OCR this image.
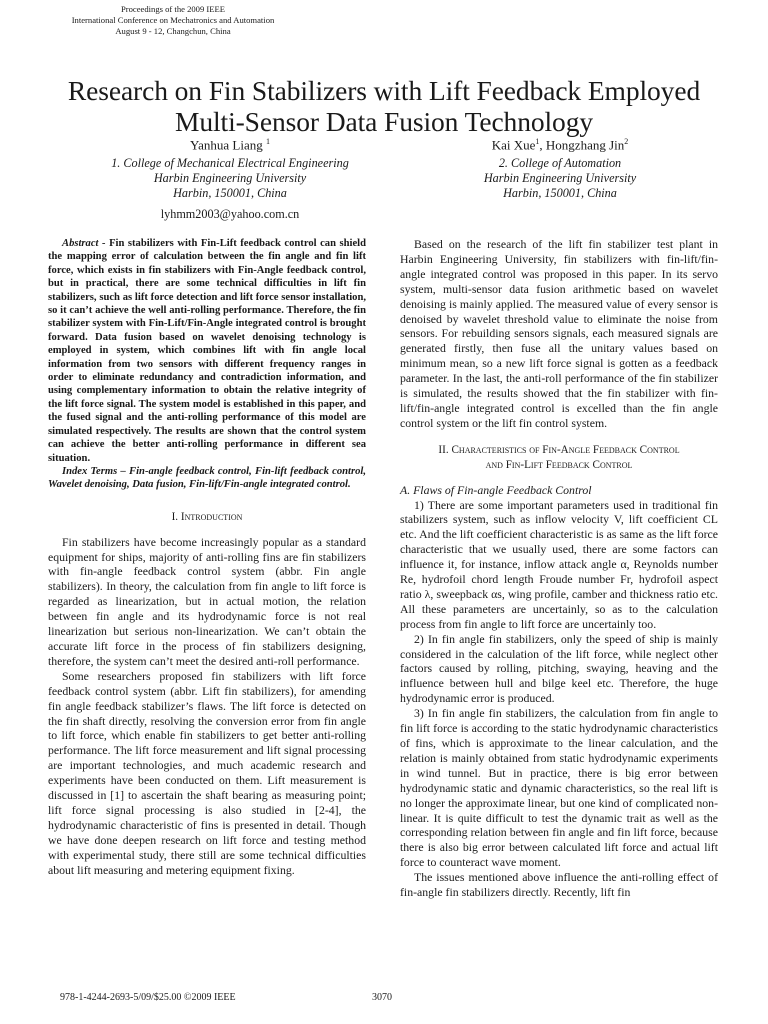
Proceedings of the 2009 IEEE
International Conference on Mechatronics and Automation
August 9 - 12, Changchun, China
Research on Fin Stabilizers with Lift Feedback Employed
Multi-Sensor Data Fusion Technology
Yanhua Liang $^1$
1. College of Mechanical Electrical Engineering
Harbin Engineering University
Harbin, 150001, China
lyhmm2003@yahoo.com.cn
Kai Xue$^1$, Hongzhang Jin$^2$
2. College of Automation
Harbin Engineering University
Harbin, 150001, China

Abstract - Fin stabilizers with Fin-Lift feedback control can shield the mapping error of calculation between the fin angle and fin lift force, which exists in fin stabilizers with Fin-Angle feedback control, but in practical, there are some technical difficulties in lift fin stabilizers, such as lift force detection and lift force sensor installation, so it can’t achieve the well anti-rolling performance. Therefore, the fin stabilizer system with Fin-Lift/Fin-Angle integrated control is brought forward. Data fusion based on wavelet denoising technology is employed in system, which combines lift with fin angle local information from two sensors with different frequency ranges in order to eliminate redundancy and contradiction information, and using complementary information to obtain the relative integrity of the lift force signal. The system model is established in this paper, and the fused signal and the anti-rolling performance of this model are simulated respectively. The results are shown that the control system can achieve the better anti-rolling performance in different sea situation.

Index Terms – Fin-angle feedback control, Fin-lift feedback control, Wavelet denoising, Data fusion, Fin-lift/Fin-angle integrated control.

I. Introduction

Fin stabilizers have become increasingly popular as a standard equipment for ships, majority of anti-rolling fins are fin stabilizers with fin-angle feedback control system (abbr. Fin angle stabilizers). In theory, the calculation from fin angle to lift force is regarded as linearization, but in actual motion, the relation between fin angle and its hydrodynamic force is not real linearization but serious non-linearization. We can’t obtain the accurate lift force in the process of fin stabilizers designing, therefore, the system can’t meet the desired anti-roll performance.

Some researchers proposed fin stabilizers with lift force feedback control system (abbr. Lift fin stabilizers), for amending fin angle feedback stabilizer’s flaws. The lift force is detected on the fin shaft directly, resolving the conversion error from fin angle to lift force, which enable fin stabilizers to get better anti-rolling performance. The lift force measurement and lift signal processing are important technologies, and much academic research and experiments have been conducted on them. Lift measurement is discussed in [1] to ascertain the shaft bearing as measuring point; lift force signal processing is also studied in [2-4], the hydrodynamic characteristic of fins is presented in detail. Though we have done deepen research on lift force and testing method with experimental study, there still are some technical difficulties about lift measuring and metering equipment fixing.

Based on the research of the lift fin stabilizer test plant in Harbin Engineering University, fin stabilizers with fin-lift/fin-angle integrated control was proposed in this paper. In its servo system, multi-sensor data fusion arithmetic based on wavelet denoising is mainly applied. The measured value of every sensor is denoised by wavelet threshold value to eliminate the noise from sensors. For rebuilding sensors signals, each measured signals are generated firstly, then fuse all the unitary values based on minimum mean, so a new lift force signal is gotten as a feedback parameter. In the last, the anti-roll performance of the fin stabilizer is simulated, the results showed that the fin stabilizer with fin-lift/fin-angle integrated control is excelled than the fin angle control system or the lift fin control system.

II. Characteristics of Fin-Angle Feedback Control
and Fin-Lift Feedback Control

A. Flaws of Fin-angle Feedback Control

1) There are some important parameters used in traditional fin stabilizers system, such as inflow velocity V, lift coefficient CL etc. And the lift coefficient characteristic is as same as the lift force characteristic that we usually used, there are some factors can influence it, for instance, inflow attack angle α, Reynolds number Re, hydrofoil chord length Froude number Fr, hydrofoil aspect ratio λ, sweepback αs, wing profile, camber and thickness ratio etc. All these parameters are uncertainly, so as to the calculation process from fin angle to lift force are uncertainly too.

2) In fin angle fin stabilizers, only the speed of ship is mainly considered in the calculation of the lift force, while neglect other factors caused by rolling, pitching, swaying, heaving and the influence between hull and bilge keel etc. Therefore, the huge hydrodynamic error is produced.

3) In fin angle fin stabilizers, the calculation from fin angle to fin lift force is according to the static hydrodynamic characteristics of fins, which is approximate to the linear calculation, and the relation is mainly obtained from static hydrodynamic experiments in wind tunnel. But in practice, there is big error between hydrodynamic static and dynamic characteristics, so the real lift is no longer the approximate linear, but one kind of complicated non-linear. It is quite difficult to test the dynamic trait as well as the corresponding relation between fin angle and fin lift force, because there is also big error between calculated lift force and actual lift force to counteract wave moment.

The issues mentioned above influence the anti-rolling effect of fin-angle fin stabilizers directly. Recently, lift fin

978-1-4244-2693-5/09/$25.00 ©2009 IEEE	3070
